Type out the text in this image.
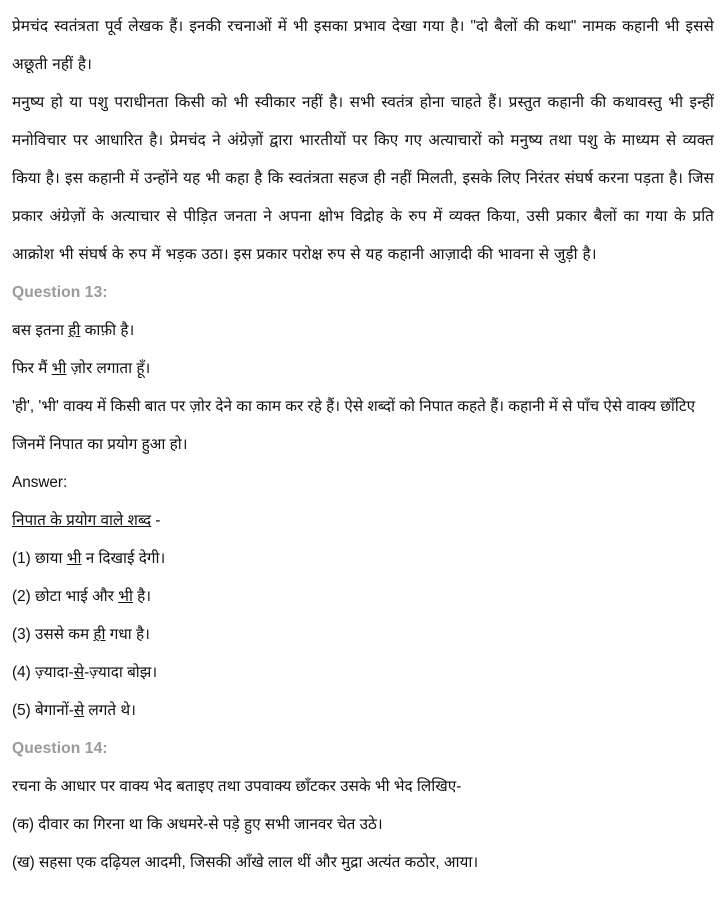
प्रेमचंद स्वतंत्रता पूर्व लेखक हैं। इनकी रचनाओं में भी इसका प्रभाव देखा गया है। "दो बैलों की कथा" नामक कहानी भी इससे अछूती नहीं है।

मनुष्य हो या पशु पराधीनता किसी को भी स्वीकार नहीं है। सभी स्वतंत्र होना चाहते हैं। प्रस्तुत कहानी की कथावस्तु भी इन्हीं मनोविचार पर आधारित है। प्रेमचंद ने अंग्रेज़ों द्वारा भारतीयों पर किए गए अत्याचारों को मनुष्य तथा पशु के माध्यम से व्यक्त किया है। इस कहानी में उन्होंने यह भी कहा है कि स्वतंत्रता सहज ही नहीं मिलती, इसके लिए निरंतर संघर्ष करना पड़ता है। जिस प्रकार अंग्रेज़ों के अत्याचार से पीड़ित जनता ने अपना क्षोभ विद्रोह के रुप में व्यक्त किया, उसी प्रकार बैलों का गया के प्रति आक्रोश भी संघर्ष के रुप में भड़क उठा। इस प्रकार परोक्ष रुप से यह कहानी आज़ादी की भावना से जुड़ी है।

Question 13:

बस इतना ही काफ़ी है।

फिर मैं भी ज़ोर लगाता हूँ।

'ही', 'भी' वाक्य में किसी बात पर ज़ोर देने का काम कर रहे हैं। ऐसे शब्दों को निपात कहते हैं। कहानी में से पाँच ऐसे वाक्य छाँटिए जिनमें निपात का प्रयोग हुआ हो।

Answer:

निपात के प्रयोग वाले शब्द -

(1) छाया भी न दिखाई देगी।

(2) छोटा भाई और भी है।

(3) उससे कम ही गधा है।

(4) ज़्यादा-से-ज़्यादा बोझ।

(5) बेगानों-से लगते थे।

Question 14:

रचना के आधार पर वाक्य भेद बताइए तथा उपवाक्य छाँटकर उसके भी भेद लिखिए-

(क) दीवार का गिरना था कि अधमरे-से पड़े हुए सभी जानवर चेत उठे।

(ख) सहसा एक दढ़ियल आदमी, जिसकी आँखे लाल थीं और मुद्रा अत्यंत कठोर, आया।
